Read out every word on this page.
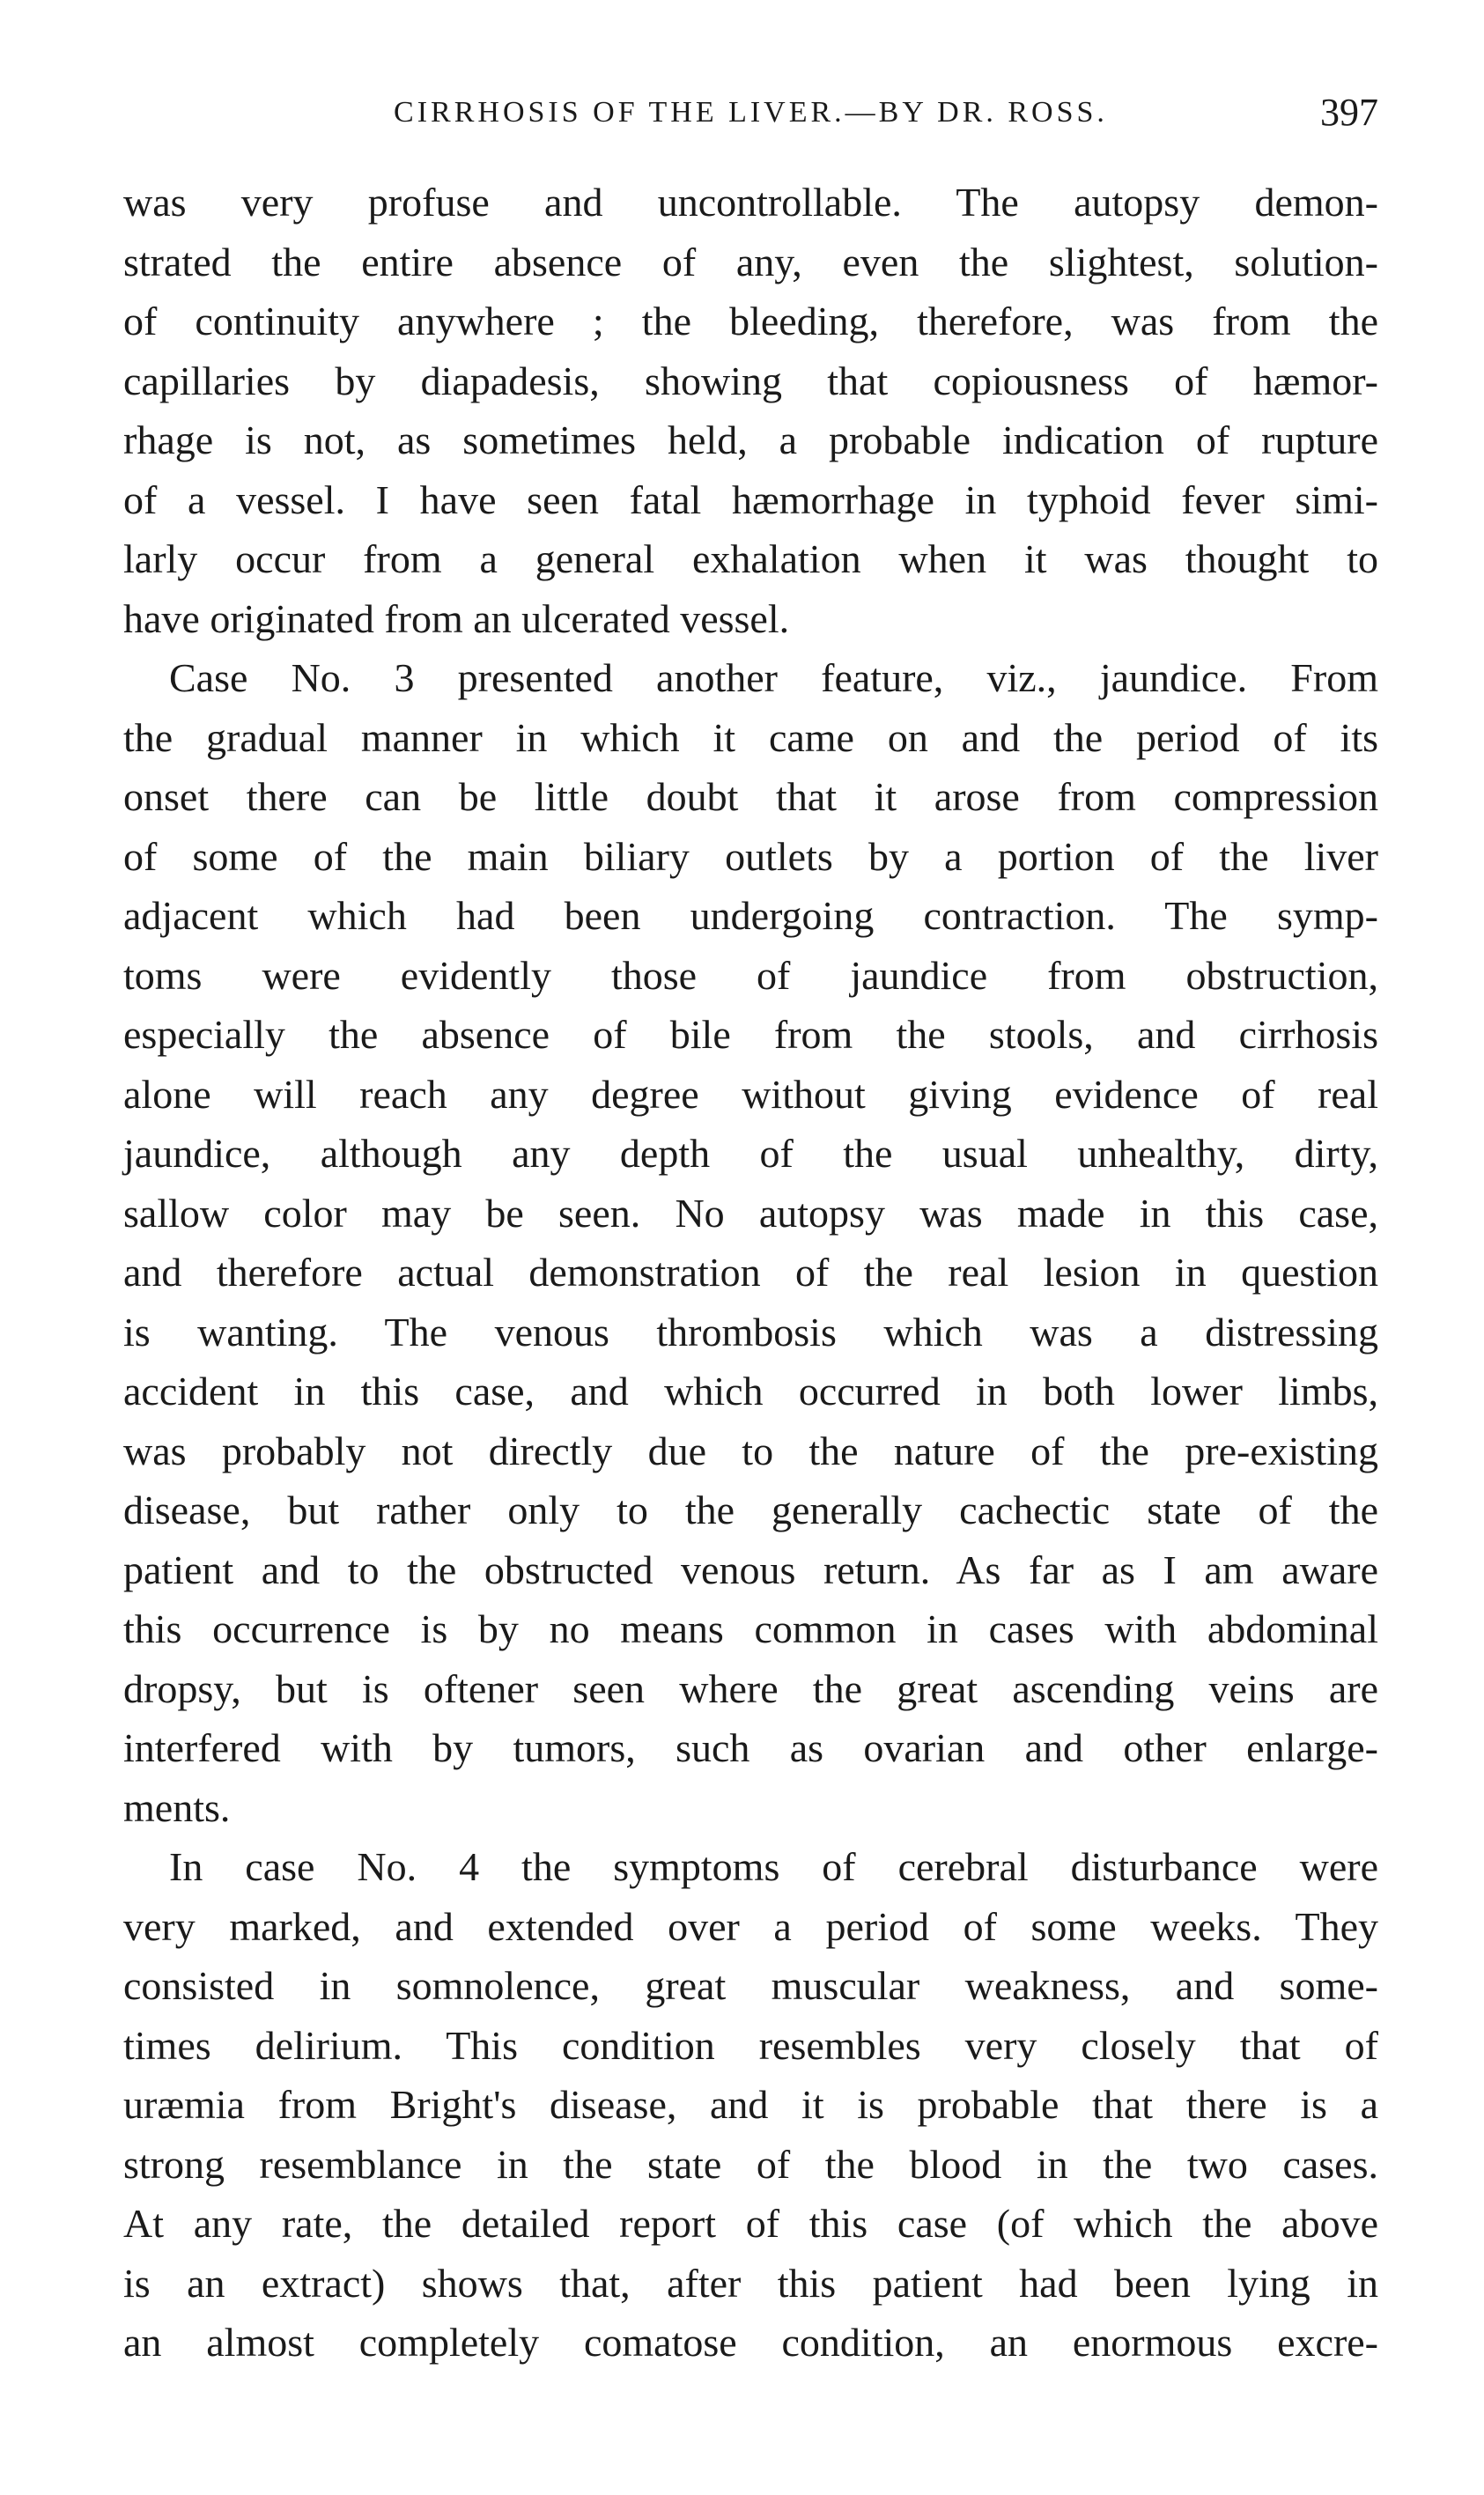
CIRRHOSIS OF THE LIVER.—BY DR. ROSS.	397
was very profuse and uncontrollable. The autopsy demon-
strated the entire absence of any, even the slightest, solution-
of continuity anywhere ; the bleeding, therefore, was from the
capillaries by diapadesis, showing that copiousness of hæmor-
rhage is not, as sometimes held, a probable indication of rupture
of a vessel. I have seen fatal hæmorrhage in typhoid fever simi-
larly occur from a general exhalation when it was thought to
have originated from an ulcerated vessel.
Case No. 3 presented another feature, viz., jaundice. From
the gradual manner in which it came on and the period of its
onset there can be little doubt that it arose from compression
of some of the main biliary outlets by a portion of the liver
adjacent which had been undergoing contraction. The symp-
toms were evidently those of jaundice from obstruction,
especially the absence of bile from the stools, and cirrhosis
alone will reach any degree without giving evidence of real
jaundice, although any depth of the usual unhealthy, dirty,
sallow color may be seen. No autopsy was made in this case,
and therefore actual demonstration of the real lesion in question
is wanting. The venous thrombosis which was a distressing
accident in this case, and which occurred in both lower limbs,
was probably not directly due to the nature of the pre-existing
disease, but rather only to the generally cachectic state of the
patient and to the obstructed venous return. As far as I am aware
this occurrence is by no means common in cases with abdominal
dropsy, but is oftener seen where the great ascending veins are
interfered with by tumors, such as ovarian and other enlarge-
ments.
In case No. 4 the symptoms of cerebral disturbance were
very marked, and extended over a period of some weeks. They
consisted in somnolence, great muscular weakness, and some-
times delirium. This condition resembles very closely that of
uræmia from Bright's disease, and it is probable that there is a
strong resemblance in the state of the blood in the two cases.
At any rate, the detailed report of this case (of which the above
is an extract) shows that, after this patient had been lying in
an almost completely comatose condition, an enormous excre-
